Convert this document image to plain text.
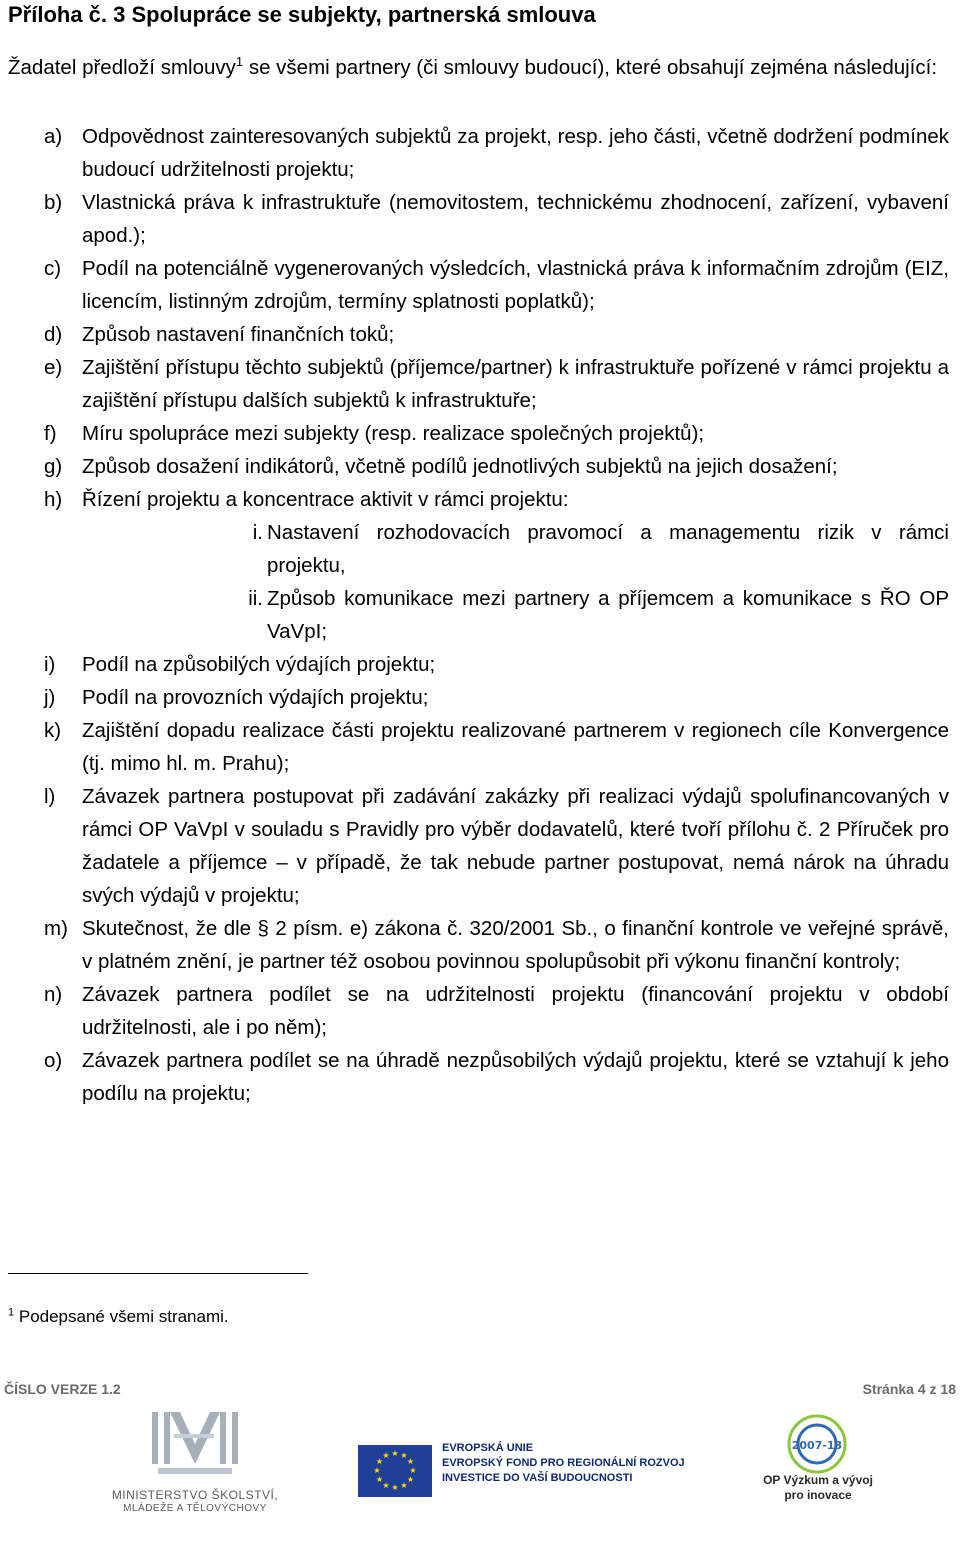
Příloha č. 3 Spolupráce se subjekty, partnerská smlouva
Žadatel předloží smlouvy$^1$ se všemi partnery (či smlouvy budoucí), které obsahují zejména následující:
a) Odpovědnost zainteresovaných subjektů za projekt, resp. jeho části, včetně dodržení podmínek budoucí udržitelnosti projektu;
b) Vlastnická práva k infrastruktuře (nemovitostem, technickému zhodnocení, zařízení, vybavení apod.);
c) Podíl na potenciálně vygenerovaných výsledcích, vlastnická práva k informačním zdrojům (EIZ, licencím, listinným zdrojům, termíny splatnosti poplatků);
d) Způsob nastavení finančních toků;
e) Zajištění přístupu těchto subjektů (příjemce/partner) k infrastruktuře pořízené v rámci projektu a zajištění přístupu dalších subjektů k infrastruktuře;
f) Míru spolupráce mezi subjekty (resp. realizace společných projektů);
g) Způsob dosažení indikátorů, včetně podílů jednotlivých subjektů na jejich dosažení;
h) Řízení projektu a koncentrace aktivit v rámci projektu:
i. Nastavení rozhodovacích pravomocí a managementu rizik v rámci projektu,
ii. Způsob komunikace mezi partnery a příjemcem a komunikace s ŘO OP VaVpI;
i) Podíl na způsobilých výdajích projektu;
j) Podíl na provozních výdajích projektu;
k) Zajištění dopadu realizace části projektu realizované partnerem v regionech cíle Konvergence (tj. mimo hl. m. Prahu);
l) Závazek partnera postupovat při zadávání zakázky při realizaci výdajů spolufinancovaných v rámci OP VaVpI v souladu s Pravidly pro výběr dodavatelů, které tvoří přílohu č. 2 Příruček pro žadatele a příjemce – v případě, že tak nebude partner postupovat, nemá nárok na úhradu svých výdajů v projektu;
m) Skutečnost, že dle § 2 písm. e) zákona č. 320/2001 Sb., o finanční kontrole ve veřejné správě, v platném znění, je partner též osobou povinnou spolupůsobit při výkonu finanční kontroly;
n) Závazek partnera podílet se na udržitelnosti projektu (financování projektu v období udržitelnosti, ale i po něm);
o) Závazek partnera podílet se na úhradě nezpůsobilých výdajů projektu, které se vztahují k jeho podílu na projektu;
$^1$ Podepsané všemi stranami.
ČÍSLO VERZE 1.2	Stránka 4 z 18
MINISTERSTVO ŠKOLSTVÍ,
MLÁDEŽE A TĚLOVÝCHOVY
★ ★
★
★
★
★
★
★
★
★
★
★
EVROPSKÁ UNIE
EVROPSKÝ FOND PRO REGIONÁLNÍ ROZVOJ
INVESTICE DO VAŠÍ BUDOUCNOSTI
2007-13
OP Výzkum a vývoj
pro inovace
